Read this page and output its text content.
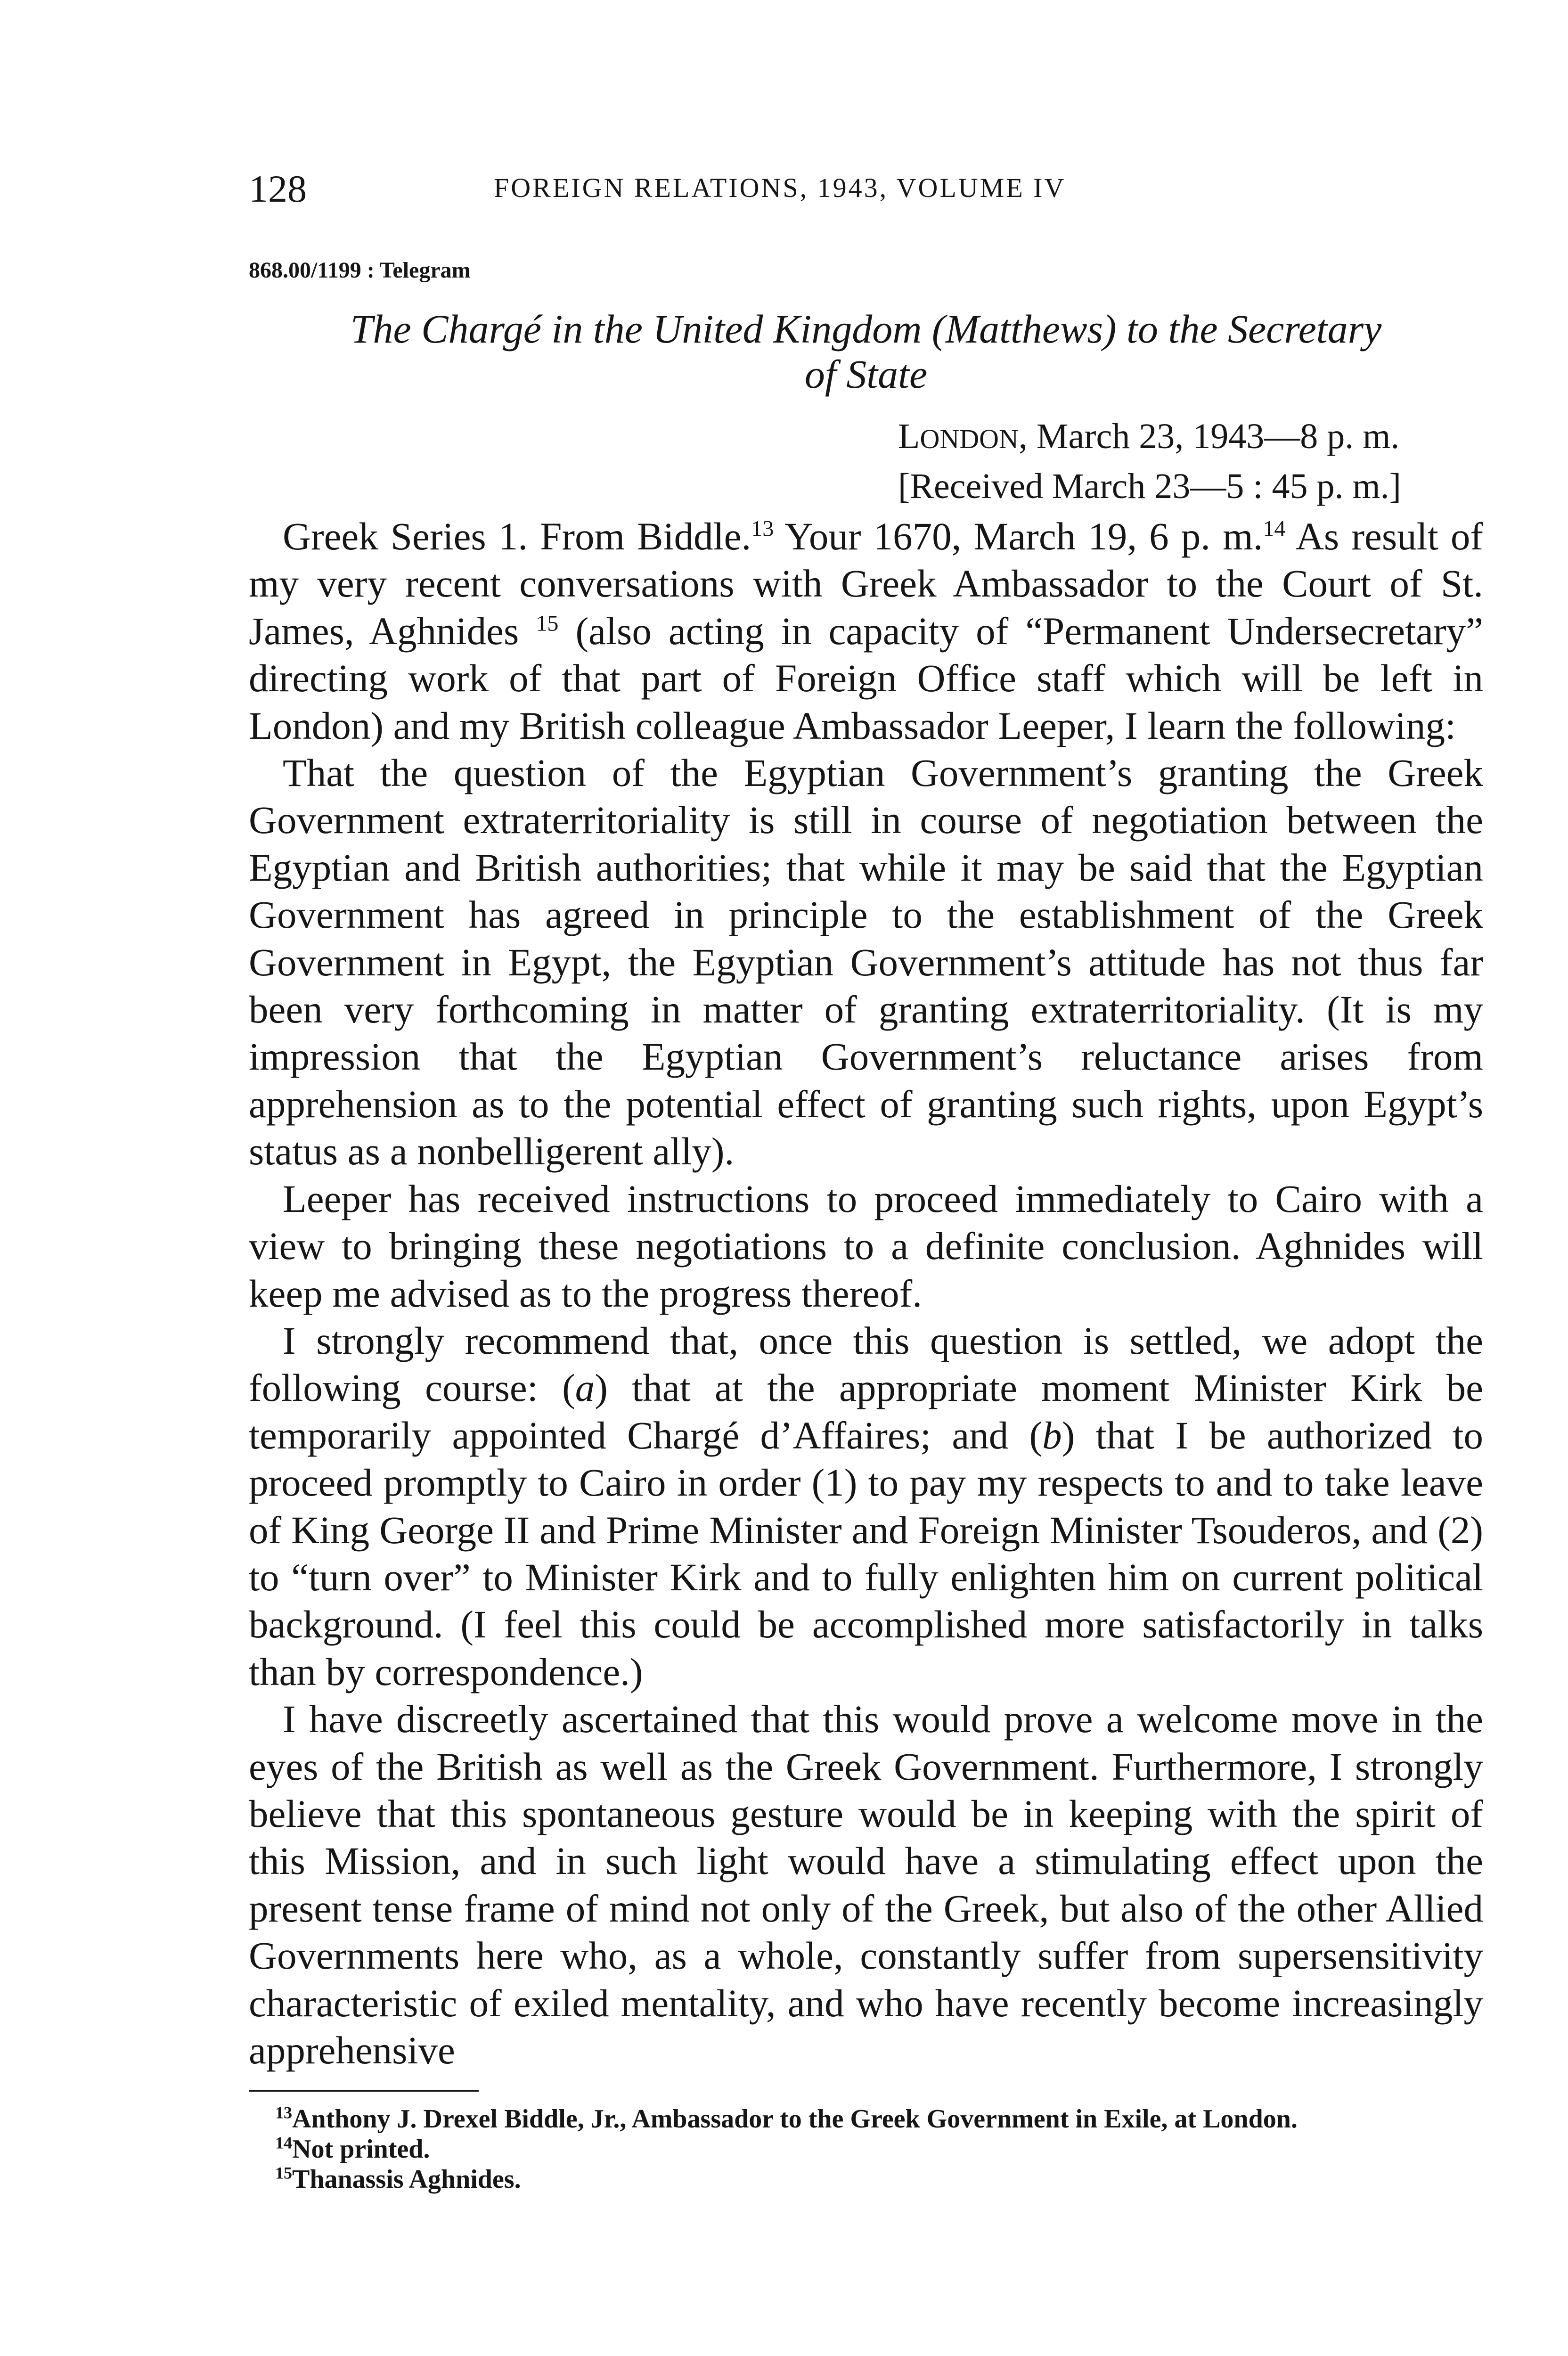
128	FOREIGN RELATIONS, 1943, VOLUME IV
868.00/1199 : Telegram
The Chargé in the United Kingdom (Matthews) to the Secretary
of State
LONDON, March 23, 1943—8 p. m.
[Received March 23—5 : 45 p. m.]

Greek Series 1. From Biddle.$^{13}$ Your 1670, March 19, 6 p. m.$^{14}$ As result of my very recent conversations with Greek Ambassador to the Court of St. James, Aghnides $^{15}$ (also acting in capacity of “Permanent Undersecretary” directing work of that part of Foreign Office staff which will be left in London) and my British colleague Ambassador Leeper, I learn the following:

That the question of the Egyptian Government’s granting the Greek Government extraterritoriality is still in course of negotiation between the Egyptian and British authorities; that while it may be said that the Egyptian Government has agreed in principle to the establishment of the Greek Government in Egypt, the Egyptian Government’s attitude has not thus far been very forthcoming in matter of granting extraterritoriality. (It is my impression that the Egyptian Government’s reluctance arises from apprehension as to the potential effect of granting such rights, upon Egypt’s status as a nonbelligerent ally).

Leeper has received instructions to proceed immediately to Cairo with a view to bringing these negotiations to a definite conclusion. Aghnides will keep me advised as to the progress thereof.

I strongly recommend that, once this question is settled, we adopt the following course: (a) that at the appropriate moment Minister Kirk be temporarily appointed Chargé d’Affaires; and (b) that I be authorized to proceed promptly to Cairo in order (1) to pay my respects to and to take leave of King George II and Prime Minister and Foreign Minister Tsouderos, and (2) to “turn over” to Minister Kirk and to fully enlighten him on current political background. (I feel this could be accomplished more satisfactorily in talks than by correspondence.)

I have discreetly ascertained that this would prove a welcome move in the eyes of the British as well as the Greek Government. Furthermore, I strongly believe that this spontaneous gesture would be in keeping with the spirit of this Mission, and in such light would have a stimulating effect upon the present tense frame of mind not only of the Greek, but also of the other Allied Governments here who, as a whole, constantly suffer from supersensitivity characteristic of exiled mentality, and who have recently become increasingly apprehensive

$^{13}$Anthony J. Drexel Biddle, Jr., Ambassador to the Greek Government in Exile, at London.

$^{14}$Not printed.

$^{15}$Thanassis Aghnides.
